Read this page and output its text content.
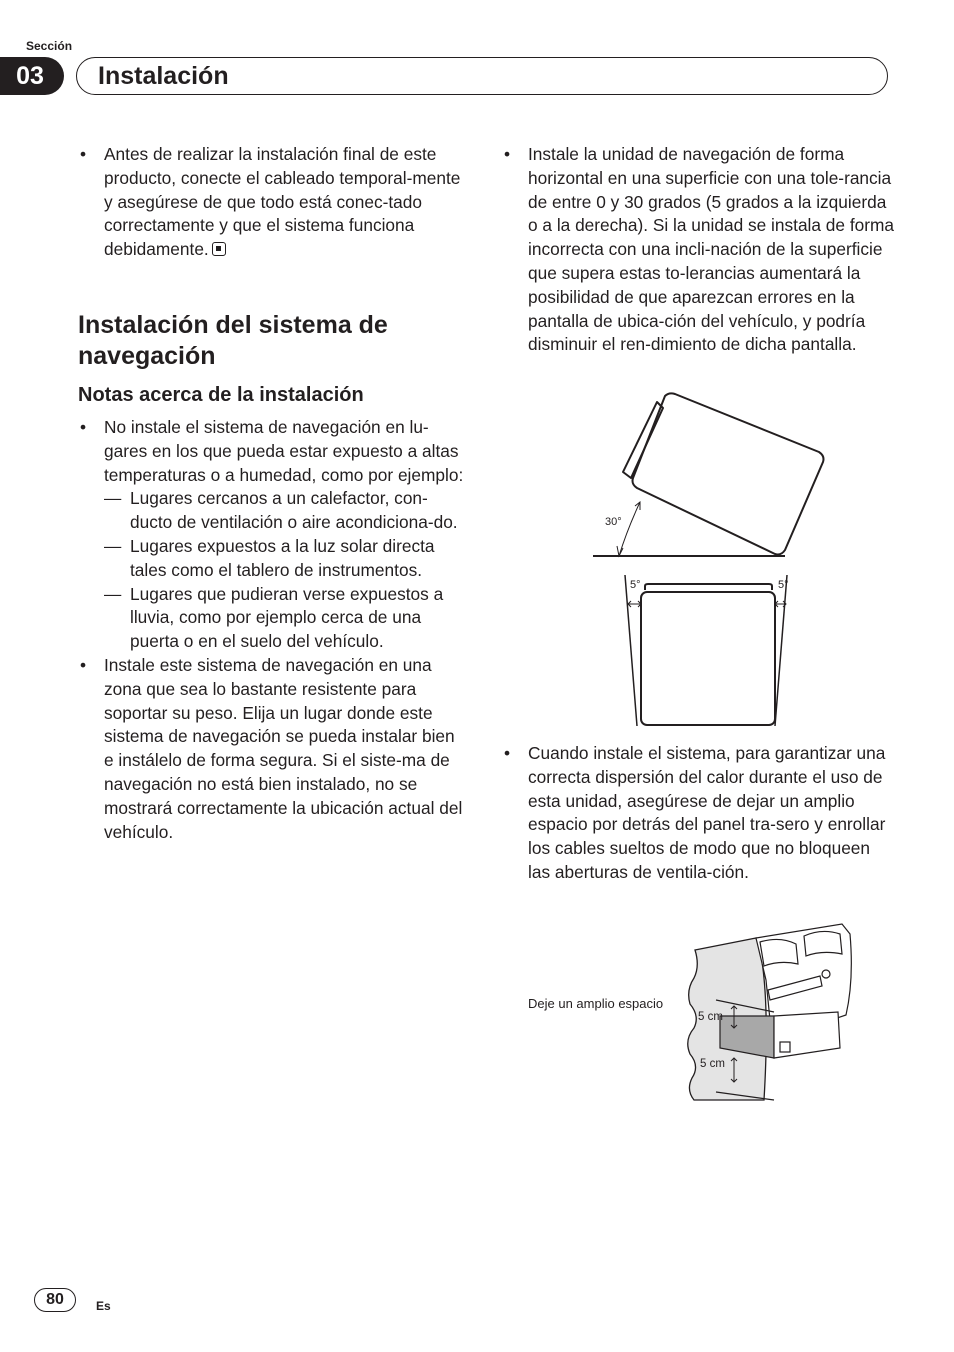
Sección
03	Instalación
• Antes de realizar la instalación final de este producto, conecte el cableado temporal-mente y asegúrese de que todo está conec-tado correctamente y que el sistema funciona debidamente.
Instalación del sistema de navegación
Notas acerca de la instalación
• No instale el sistema de navegación en lu-gares en los que pueda estar expuesto a altas temperaturas o a humedad, como por ejemplo:
— Lugares cercanos a un calefactor, con-ducto de ventilación o aire acondiciona-do.
— Lugares expuestos a la luz solar directa tales como el tablero de instrumentos.
— Lugares que pudieran verse expuestos a lluvia, como por ejemplo cerca de una puerta o en el suelo del vehículo.
• Instale este sistema de navegación en una zona que sea lo bastante resistente para soportar su peso. Elija un lugar donde este sistema de navegación se pueda instalar bien e instálelo de forma segura. Si el siste-ma de navegación no está bien instalado, no se mostrará correctamente la ubicación actual del vehículo.
• Instale la unidad de navegación de forma horizontal en una superficie con una tole-rancia de entre 0 y 30 grados (5 grados a la izquierda o a la derecha). Si la unidad se instala de forma incorrecta con una incli-nación de la superficie que supera estas to-lerancias aumentará la posibilidad de que aparezcan errores en la pantalla de ubica-ción del vehículo, y podría disminuir el ren-dimiento de dicha pantalla.
30°
5°	5°
• Cuando instale el sistema, para garantizar una correcta dispersión del calor durante el uso de esta unidad, asegúrese de dejar un amplio espacio por detrás del panel tra-sero y enrollar los cables sueltos de modo que no bloqueen las aberturas de ventila-ción.
Deje un amplio espacio
5 cm
5 cm
80	Es
